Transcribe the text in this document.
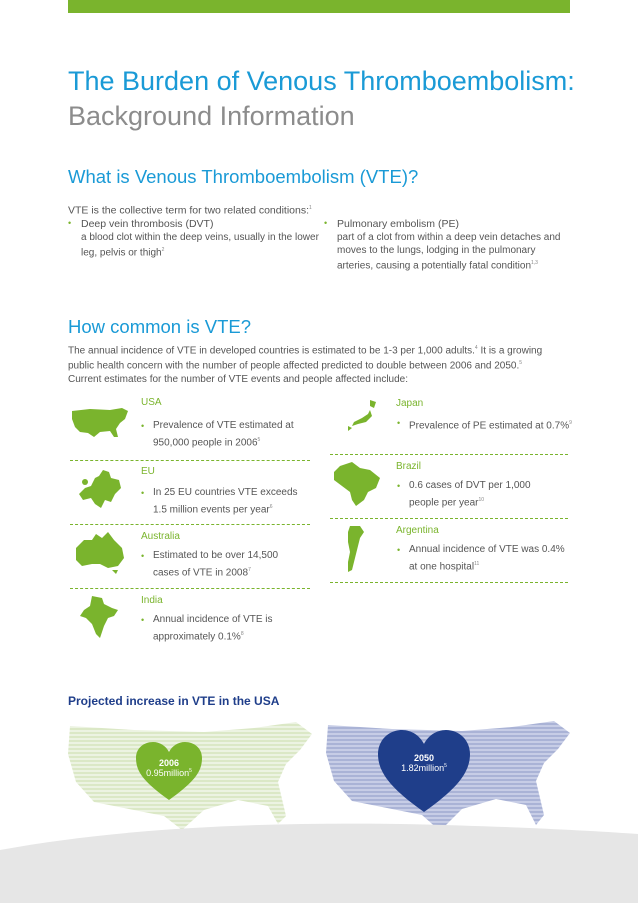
The Burden of Venous Thromboembolism:
Background Information
What is Venous Thromboembolism (VTE)?
VTE is the collective term for two related conditions:$^1$
• Deep vein thrombosis (DVT)
a blood clot within the deep veins, usually in the lower leg, pelvis or thigh$^2$
• Pulmonary embolism (PE)
part of a clot from within a deep vein detaches and moves to the lungs, lodging in the pulmonary arteries, causing a potentially fatal condition$^{1,3}$
How common is VTE?
The annual incidence of VTE in developed countries is estimated to be 1-3 per 1,000 adults.$^4$ It is a growing
public health concern with the number of people affected predicted to double between 2006 and 2050.$^5$
Current estimates for the number of VTE events and people affected include:
USA
• Prevalence of VTE estimated at
950,000 people in 2006$^5$
EU
• In 25 EU countries VTE exceeds
1.5 million events per year$^6$
Australia
• Estimated to be over 14,500
cases of VTE in 2008$^7$
India
• Annual incidence of VTE is
approximately 0.1%$^8$
Japan
• Prevalence of PE estimated at 0.7%$^9$
Brazil
• 0.6 cases of DVT per 1,000
people per year$^{10}$
Argentina
• Annual incidence of VTE was 0.4%
at one hospital$^{11}$
Projected increase in VTE in the USA
2006
0.95million$^5$
2050
1.82million$^5$
